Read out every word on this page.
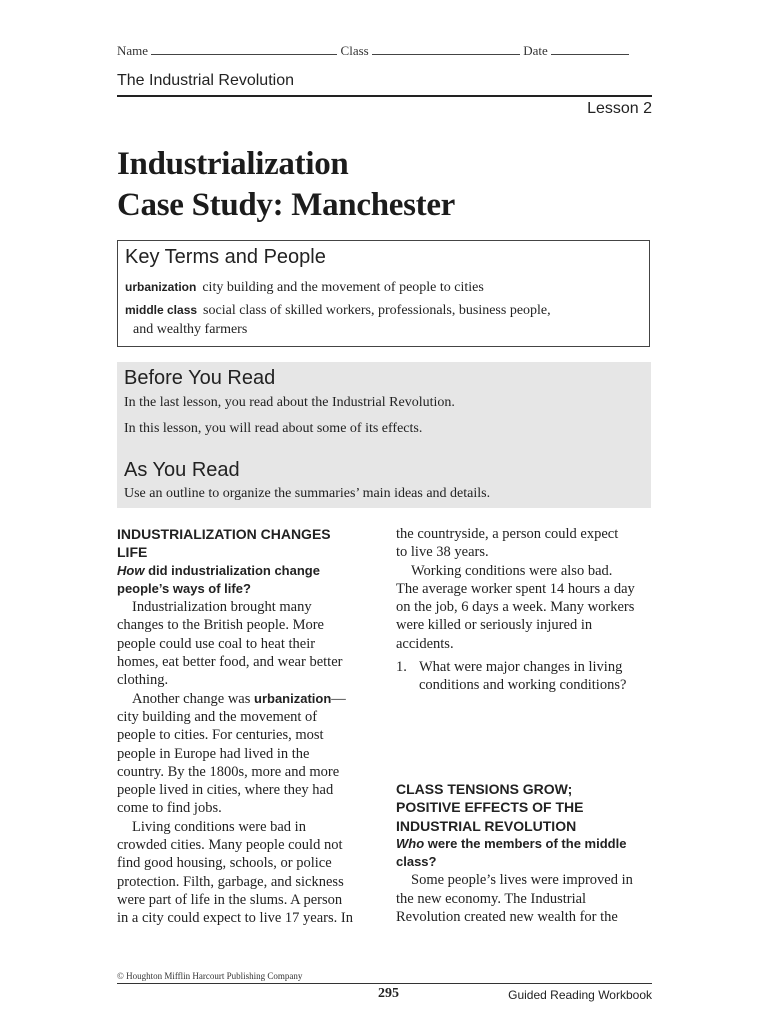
Name	Class	Date
The Industrial Revolution
Lesson 2
Industrialization
Case Study: Manchester
Key Terms and People
urbanization city building and the movement of people to cities
middle class social class of skilled workers, professionals, business people,
and wealthy farmers
Before You Read
In the last lesson, you read about the Industrial Revolution.
In this lesson, you will read about some of its effects.
As You Read
Use an outline to organize the summaries’ main ideas and details.

INDUSTRIALIZATION CHANGES

LIFE

How did industrialization change

people’s ways of life?

Industrialization brought many

changes to the British people. More

people could use coal to heat their

homes, eat better food, and wear better

clothing.

Another change was urbanization—

city building and the movement of

people to cities. For centuries, most

people in Europe had lived in the

country. By the 1800s, more and more

people lived in cities, where they had

come to find jobs.

Living conditions were bad in

crowded cities. Many people could not

find good housing, schools, or police

protection. Filth, garbage, and sickness

were part of life in the slums. A person

in a city could expect to live 17 years. In

the countryside, a person could expect

to live 38 years.

Working conditions were also bad.

The average worker spent 14 hours a day

on the job, 6 days a week. Many workers

were killed or seriously injured in

accidents.

1. What were major changes in living

conditions and working conditions?

CLASS TENSIONS GROW;

POSITIVE EFFECTS OF THE

INDUSTRIAL REVOLUTION

Who were the members of the middle

class?

Some people’s lives were improved in

the new economy. The Industrial

Revolution created new wealth for the

© Houghton Mifflin Harcourt Publishing Company
295	Guided Reading Workbook
